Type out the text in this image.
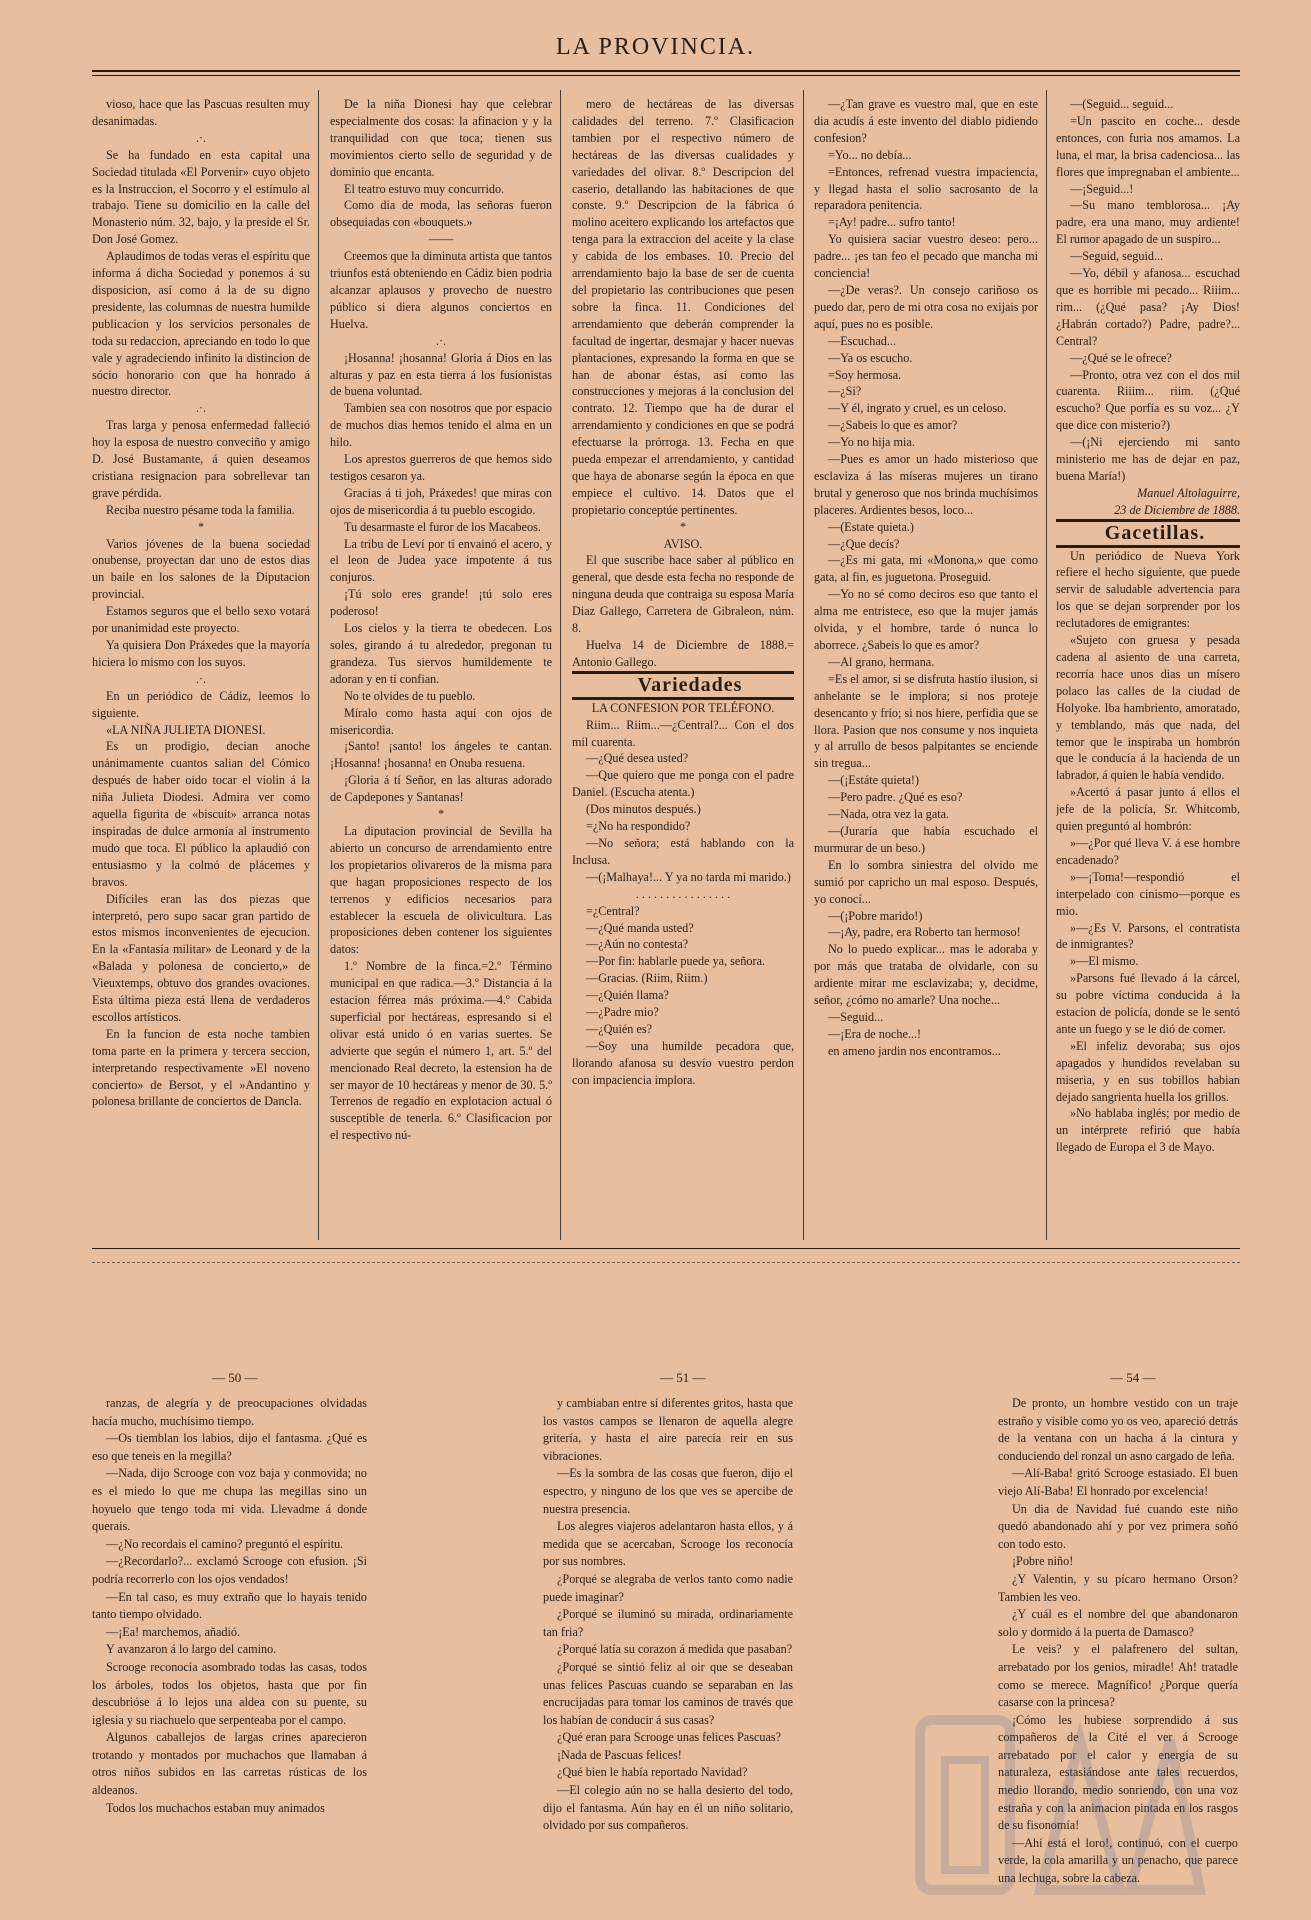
LA PROVINCIA.

vioso, hace que las Pascuas resulten muy desanimadas.

.·.

Se ha fundado en esta capital una Sociedad titulada «El Porvenir» cuyo objeto es la Instruccion, el Socorro y el estímulo al trabajo. Tiene su domicilio en la calle del Monasterio núm. 32, bajo, y la preside el Sr. Don José Gomez.

Aplaudimos de todas veras el espíritu que informa á dicha Sociedad y ponemos á su disposicion, así como á la de su digno presidente, las columnas de nuestra humilde publicacion y los servicios personales de toda su redaccion, apreciando en todo lo que vale y agradeciendo infinito la distincion de sócio honorario con que ha honrado á nuestro director.

.·.

Tras larga y penosa enfermedad falleció hoy la esposa de nuestro conveciño y amigo D. José Bustamante, á quien deseamos cristiana resignacion para sobrellevar tan grave pérdida.

Reciba nuestro pésame toda la familia.

*

Varios jóvenes de la buena sociedad onubense, proyectan dar uno de estos dias un baile en los salones de la Diputacion provincial.

Estamos seguros que el bello sexo votará por unanimidad este proyecto.

Ya quisiera Don Práxedes que la mayoría hiciera lo mismo con los suyos.

.·.

En un periódico de Cádiz, leemos lo siguiente.

«LA NIÑA JULIETA DIONESI.

Es un prodigio, decian anoche unánimamente cuantos salian del Cómico después de haber oido tocar el violin á la niña Julieta Diodesi. Admira ver como aquella figurita de «biscuit» arranca notas inspiradas de dulce armonía al instrumento mudo que toca. El público la aplaudió con entusiasmo y la colmó de plácemes y bravos.

Difíciles eran las dos piezas que interpretó, pero supo sacar gran partido de estos mismos inconvenientes de ejecucion. En la «Fantasía militar» de Leonard y de la «Balada y polonesa de concierto,» de Vieuxtemps, obtuvo dos grandes ovaciones. Esta última pieza está llena de verdaderos escollos artísticos.

En la funcion de esta noche tambien toma parte en la primera y tercera seccion, interpretando respectivamente »El noveno concierto» de Bersot, y el »Andantino y polonesa brillante de conciertos de Dancla.

De la niña Dionesi hay que celebrar especialmente dos cosas: la afinacion y y la tranquilidad con que toca; tienen sus movimientos cierto sello de seguridad y de dominio que encanta.

El teatro estuvo muy concurrido.

Como dia de moda, las señoras fueron obsequiadas con «bouquets.»

——

Creemos que la diminuta artista que tantos triunfos está obteniendo en Cádiz bien podria alcanzar aplausos y provecho de nuestro público si diera algunos conciertos en Huelva.

.·.

¡Hosanna! ¡hosanna! Gloria á Dios en las alturas y paz en esta tierra á los fusionistas de buena voluntad.

Tambien sea con nosotros que por espacio de muchos dias hemos tenido el alma en un hilo.

Los aprestos guerreros de que hemos sido testigos cesaron ya.

Gracias á ti joh, Práxedes! que miras con ojos de misericordia á tu pueblo escogido.

Tu desarmaste el furor de los Macabeos.

La tribu de Leví por tí envainó el acero, y el leon de Judea yace impotente á tus conjuros.

¡Tú solo eres grande! ¡tú solo eres poderoso!

Los cielos y la tierra te obedecen. Los soles, girando á tu alrededor, pregonan tu grandeza. Tus siervos humildemente te adoran y en tí confian.

No te olvides de tu pueblo.

Míralo como hasta aquí con ojos de misericordia.

¡Santo! ¡santo! los ángeles te cantan. ¡Hosanna! ¡hosanna! en Onuba resuena.

¡Gloria á tí Señor, en las alturas adorado de Capdepones y Santanas!

*

La diputacion provincial de Sevilla ha abierto un concurso de arrendamiento entre los propietarios olivareros de la misma para que hagan proposiciones respecto de los terrenos y edificios necesarios para establecer la escuela de olivicultura. Las proposiciones deben contener los siguientes datos:

1.º Nombre de la finca.=2.º Término municipal en que radica.—3.º Distancia á la estacion férrea más próxima.—4.º Cabida superficial por hectáreas, espresando si el olivar está unido ó en varias suertes. Se advierte que según el número 1, art. 5.º del mencionado Real decreto, la estension ha de ser mayor de 10 hectáreas y menor de 30. 5.º Terrenos de regadío en explotacion actual ó susceptible de tenerla. 6.º Clasificacion por el respectivo nú-

mero de hectáreas de las diversas calidades del terreno. 7.º Clasificacion tambien por el respectivo número de hectáreas de las diversas cualidades y variedades del olivar. 8.º Descripcion del caserio, detallando las habitaciones de que conste. 9.º Descripcion de la fábrica ó molino aceitero explicando los artefactos que tenga para la extraccion del aceite y la clase y cabida de los embases. 10. Precio del arrendamiento bajo la base de ser de cuenta del propietario las contribuciones que pesen sobre la finca. 11. Condiciones del arrendamiento que deberán comprender la facultad de ingertar, desmajar y hacer nuevas plantaciones, expresando la forma en que se han de abonar éstas, así como las construcciones y mejoras á la conclusion del contrato. 12. Tiempo que ha de durar el arrendamiento y condiciones en que se podrá efectuarse la prórroga. 13. Fecha en que pueda empezar el arrendamiento, y cantidad que haya de abonarse según la época en que empiece el cultivo. 14. Datos que el propietario conceptúe pertinentes.

*

AVISO.

El que suscribe hace saber al público en general, que desde esta fecha no responde de ninguna deuda que contraiga su esposa María Diaz Gallego, Carretera de Gibraleon, núm. 8.

Huelva 14 de Diciembre de 1888.= Antonio Gallego.

Variedades

LA CONFESION POR TELÉFONO.

Riim... Riim...—¿Central?... Con el dos mil cuarenta.

—¿Qué desea usted?

—Que quiero que me ponga con el padre Daniel. (Escucha atenta.)

(Dos minutos después.)

=¿No ha respondido?

—No señora; está hablando con la Inclusa.

—(¡Malhaya!... Y ya no tarda mi marido.)

. . . . . . . . . . . . . . . .

=¿Central?

—¿Qué manda usted?

—¿Aún no contesta?

—Por fin: hablarle puede ya, señora.

—Gracias. (Riim, Riim.)

—¿Quién llama?

—¿Padre mio?

—¿Quién es?

—Soy una humilde pecadora que, llorando afanosa su desvío vuestro perdon con impaciencia implora.

—¿Tan grave es vuestro mal, que en este dia acudís á este invento del diablo pidiendo confesion?

=Yo... no debía...

=Entonces, refrenad vuestra impaciencia, y llegad hasta el solio sacrosanto de la reparadora penitencia.

=¡Ay! padre... sufro tanto!

Yo quisiera saciar vuestro deseo: pero... padre... ¡es tan feo el pecado que mancha mi conciencia!

—¿De veras?. Un consejo cariñoso os puedo dar, pero de mi otra cosa no exijais por aquí, pues no es posible.

—Escuchad...

—Ya os escucho.

=Soy hermosa.

—¿Sí?

—Y él, ingrato y cruel, es un celoso.

—¿Sabeis lo que es amor?

—Yo no hija mia.

—Pues es amor un hado misterioso que esclaviza á las míseras mujeres un tirano brutal y generoso que nos brinda muchísimos placeres. Ardientes besos, loco...

—(Estate quieta.)

—¿Que decís?

—¿Es mi gata, mi «Monona,» que como gata, al fin, es juguetona. Proseguid.

—Yo no sé como deciros eso que tanto el alma me entristece, eso que la mujer jamás olvida, y el hombre, tarde ó nunca lo aborrece. ¿Sabeis lo que es amor?

—Al grano, hermana.

=Es el amor, si se disfruta hastío ilusion, si anhelante se le implora; si nos proteje desencanto y frío; si nos hiere, perfidia que se llora. Pasion que nos consume y nos inquieta y al arrullo de besos palpitantes se enciende sin tregua...

—(¡Estáte quieta!)

—Pero padre. ¿Qué es eso?

—Nada, otra vez la gata.

—(Juraría que había escuchado el murmurar de un beso.)

En lo sombra siniestra del olvido me sumió por capricho un mal esposo. Después, yo conocí...

—(¡Pobre marido!)

—¡Ay, padre, era Roberto tan hermoso!

No lo puedo explicar... mas le adoraba y por más que trataba de olvidarle, con su ardiente mirar me esclavizaba; y, decidme, señor, ¿cómo no amarle? Una noche...

—Seguid...

—¡Era de noche...!

en ameno jardin nos encontramos...

—(Seguid... seguid...

=Un pascito en coche... desde entonces, con furia nos amamos. La luna, el mar, la brisa cadenciosa... las flores que impregnaban el ambiente...

—¡Seguid...!

—Su mano temblorosa... ¡Ay padre, era una mano, muy ardiente! El rumor apagado de un suspiro...

—Seguid, seguid...

—Yo, débil y afanosa... escuchad que es horrible mi pecado... Riiim... rim... (¿Qué pasa? ¡Ay Dios! ¿Habrán cortado?) Padre, padre?... Central?

—¿Qué se le ofrece?

—Pronto, otra vez con el dos mil cuarenta. Riiim... riim. (¿Qué escucho? Que porfía es su voz... ¿Y que dice con misterio?)

—(¡Ni ejerciendo mi santo ministerio me has de dejar en paz, buena María!)

Manuel Altolaguirre,

23 de Diciembre de 1888.

Gacetillas.

Un periódico de Nueva York refiere el hecho siguiente, que puede servir de saludable advertencia para los que se dejan sorprender por los reclutadores de emigrantes:

«Sujeto con gruesa y pesada cadena al asiento de una carreta, recorría hace unos dias un mísero polaco las calles de la ciudad de Holyoke. Iba hambriento, amoratado, y temblando, más que nada, del temor que le inspiraba un hombrón que le conducía á la hacienda de un labrador, á quien le había vendido.

»Acertó á pasar junto á ellos el jefe de la policía, Sr. Whitcomb, quien preguntó al hombrón:

»—¿Por qué lleva V. á ese hombre encadenado?

»—¡Toma!—respondió el interpelado con cinismo—porque es mio.

»—¿Es V. Parsons, el contratista de inmigrantes?

»—El mismo.

»Parsons fué llevado á la cárcel, su pobre víctima conducida á la estacion de policía, donde se le sentó ante un fuego y se le dió de comer.

»El infeliz devoraba; sus ojos apagados y hundidos revelaban su miseria, y en sus tobillos habian dejado sangrienta huella los grillos.

»No hablaba inglés; por medio de un intérprete refirió que había llegado de Europa el 3 de Mayo.

— 50 —	— 51 —	— 54 —

ranzas, de alegría y de preocupaciones olvidadas hacía mucho, muchísimo tiempo.

—Os tiemblan los labios, dijo el fantasma. ¿Qué es eso que teneis en la megilla?

—Nada, dijo Scrooge con voz baja y conmovida; no es el miedo lo que me chupa las megillas sino un hoyuelo que tengo toda mi vida. Llevadme á donde querais.

—¿No recordais el camino? preguntó el espíritu.

—¿Recordarlo?... exclamó Scrooge con efusion. ¡Si podría recorrerlo con los ojos vendados!

—En tal caso, es muy extraño que lo hayais tenido tanto tiempo olvidado.

—¡Ea! marchemos, añadió.

Y avanzaron á lo largo del camino.

Scrooge reconocía asombrado todas las casas, todos los árboles, todos los objetos, hasta que por fin descubrióse á lo lejos una aldea con su puente, su iglesia y su riachuelo que serpenteaba por el campo.

Algunos caballejos de largas crines aparecieron trotando y montados por muchachos que llamaban á otros niños subidos en las carretas rústicas de los aldeanos.

Todos los muchachos estaban muy animados

y cambiaban entre sí diferentes gritos, hasta que los vastos campos se llenaron de aquella alegre gritería, y hasta el aire parecía reir en sus vibraciones.

—Es la sombra de las cosas que fueron, dijo el espectro, y ninguno de los que ves se apercibe de nuestra presencia.

Los alegres viajeros adelantaron hasta ellos, y á medida que se acercaban, Scrooge los reconocía por sus nombres.

¿Porqué se alegraba de verlos tanto como nadie puede imaginar?

¿Porqué se iluminó su mirada, ordinariamente tan fria?

¿Porqué latía su corazon á medida que pasaban?

¿Porqué se sintió feliz al oir que se deseaban unas felices Pascuas cuando se separaban en las encrucijadas para tomar los caminos de través que los habían de conducir á sus casas?

¿Qué eran para Scrooge unas felices Pascuas?

¡Nada de Pascuas felices!

¿Qué bien le había reportado Navidad?

—El colegio aún no se halla desierto del todo, dijo el fantasma. Aún hay en él un niño solitario, olvidado por sus compañeros.

De pronto, un hombre vestido con un traje estraño y visible como yo os veo, apareció detrás de la ventana con un hacha á la cintura y conduciendo del ronzal un asno cargado de leña.

—Alí-Baba! gritó Scrooge estasiado. El buen viejo Alí-Baba! El honrado por excelencia!

Un dia de Navidad fué cuando este niño quedó abandonado ahí y por vez primera soñó con todo esto.

¡Pobre niño!

¿Y Valentin, y su pícaro hermano Orson? Tambien les veo.

¿Y cuál es el nombre del que abandonaron solo y dormido á la puerta de Damasco?

Le veis? y el palafrenero del sultan, arrebatado por los genios, miradle! Ah! tratadle como se merece. Magnífico! ¿Porque quería casarse con la princesa?

¡Cómo les hubiese sorprendido á sus compañeros de la Cité el ver á Scrooge arrebatado por el calor y energía de su naturaleza, estasiándose ante tales recuerdos, medio llorando, medio sonriendo, con una voz estraña y con la animacion pintada en los rasgos de su fisonomía!

—Ahí está el loro!, continuó, con el cuerpo verde, la cola amarilla y un penacho, que parece una lechuga, sobre la cabeza.
